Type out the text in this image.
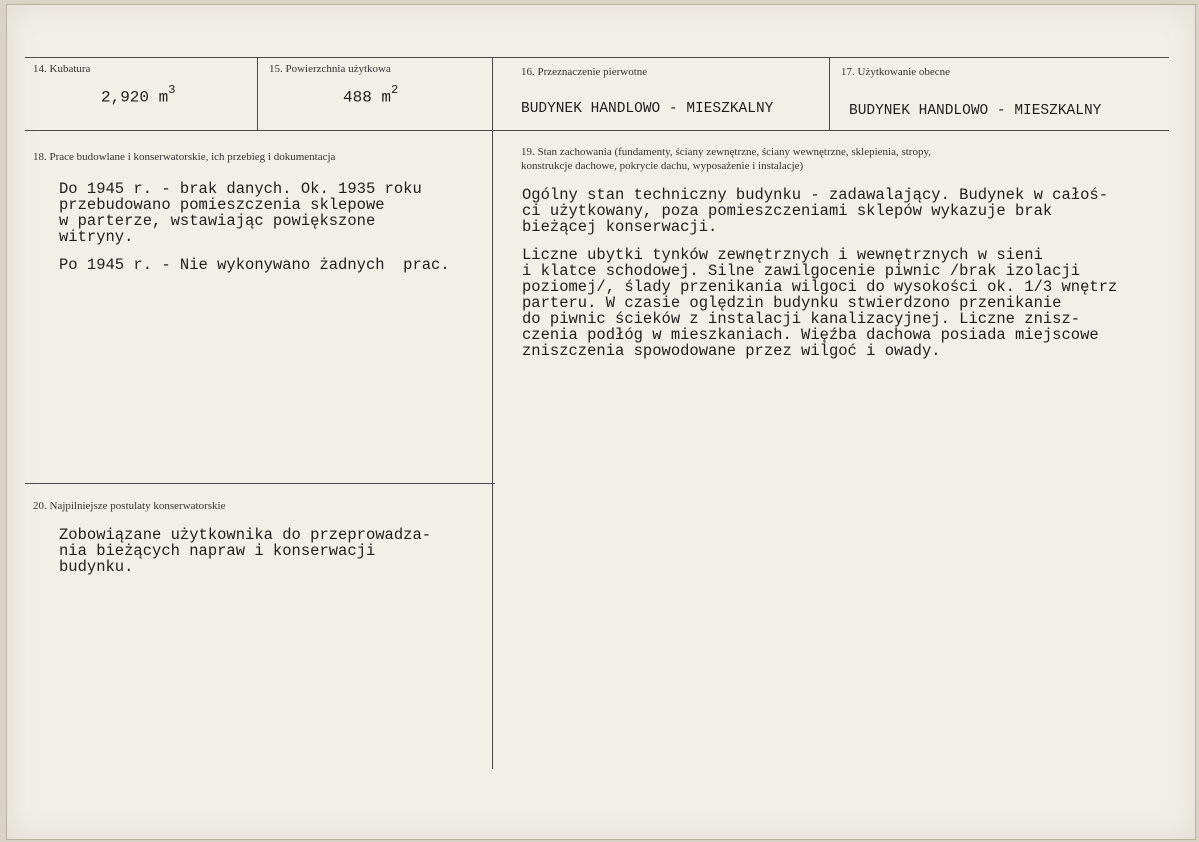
14. Kubatura
2,920 $m^3$
15. Powierzchnia użytkowa
488 $m^2$
16. Przeznaczenie pierwotne
BUDYNEK HANDLOWO - MIESZKALNY
17. Użytkowanie obecne
BUDYNEK HANDLOWO - MIESZKALNY
18. Prace budowlane i konserwatorskie, ich przebieg i dokumentacja
Do 1945 r. - brak danych. Ok. 1935 roku
przebudowano pomieszczenia sklepowe
w parterze, wstawiając powiększone
witryny.
Po 1945 r. - Nie wykonywano żadnych  prac.
19. Stan zachowania (fundamenty, ściany zewnętrzne, ściany wewnętrzne, sklepienia, stropy,
konstrukcje dachowe, pokrycie dachu, wyposażenie i instalacje)
Ogólny stan techniczny budynku - zadawalający. Budynek w całoś-
ci użytkowany, poza pomieszczeniami sklepów wykazuje brak
bieżącej konserwacji.
Liczne ubytki tynków zewnętrznych i wewnętrznych w sieni
i klatce schodowej. Silne zawilgocenie piwnic /brak izolacji
poziomej/, ślady przenikania wilgoci do wysokości ok. 1/3 wnętrz
parteru. W czasie oględzin budynku stwierdzono przenikanie
do piwnic ścieków z instalacji kanalizacyjnej. Liczne znisz-
czenia podłóg w mieszkaniach. Więźba dachowa posiada miejscowe
zniszczenia spowodowane przez wilgoć i owady.
20. Najpilniejsze postulaty konserwatorskie
Zobowiązane użytkownika do przeprowadza-
nia bieżących napraw i konserwacji
budynku.
